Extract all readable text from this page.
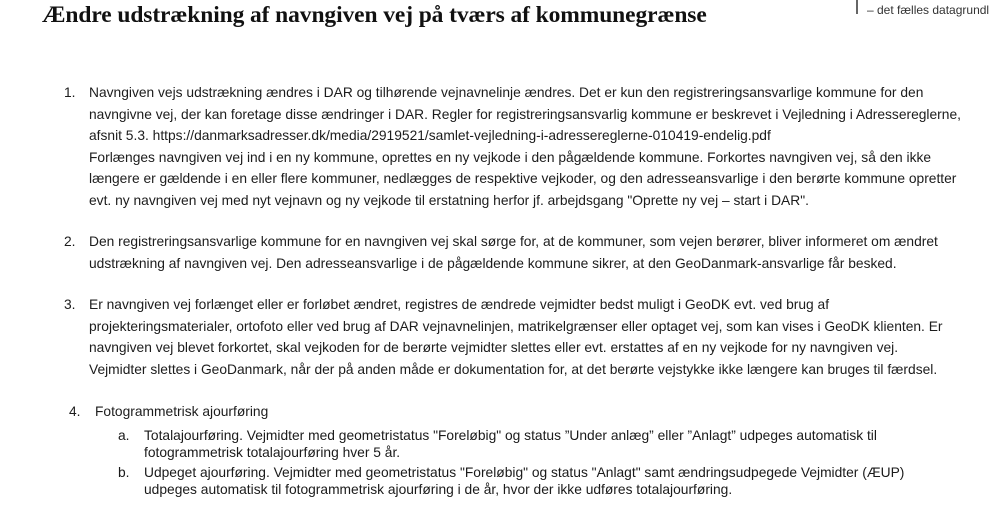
Ændre udstrækning af navngiven vej på tværs af kommunegrænse	– det fælles datagrundl
1. Navngiven vejs udstrækning ændres i DAR og tilhørende vejnavnelinje ændres. Det er kun den registreringsansvarlige kommune for den
navngivne vej, der kan foretage disse ændringer i DAR. Regler for registreringsansvarlig kommune er beskrevet i Vejledning i Adressereglerne,
afsnit 5.3. https://danmarksadresser.dk/media/2919521/samlet-vejledning-i-adressereglerne-010419-endelig.pdf
Forlænges navngiven vej ind i en ny kommune, oprettes en ny vejkode i den pågældende kommune. Forkortes navngiven vej, så den ikke
længere er gældende i en eller flere kommuner, nedlægges de respektive vejkoder, og den adresseansvarlige i den berørte kommune opretter
evt. ny navngiven vej med nyt vejnavn og ny vejkode til erstatning herfor jf. arbejdsgang "Oprette ny vej – start i DAR".
2. Den registreringsansvarlige kommune for en navngiven vej skal sørge for, at de kommuner, som vejen berører, bliver informeret om ændret
udstrækning af navngiven vej. Den adresseansvarlige i de pågældende kommune sikrer, at den GeoDanmark-ansvarlige får besked.
3. Er navngiven vej forlænget eller er forløbet ændret, registres de ændrede vejmidter bedst muligt i GeoDK evt. ved brug af
projekteringsmaterialer, ortofoto eller ved brug af DAR vejnavnelinjen, matrikelgrænser eller optaget vej, som kan vises i GeoDK klienten. Er
navngiven vej blevet forkortet, skal vejkoden for de berørte vejmidter slettes eller evt. erstattes af en ny vejkode for ny navngiven vej.
Vejmidter slettes i GeoDanmark, når der på anden måde er dokumentation for, at det berørte vejstykke ikke længere kan bruges til færdsel.
4. Fotogrammetrisk ajourføring
a. Totalajourføring. Vejmidter med geometristatus "Foreløbig" og status ”Under anlæg” eller ”Anlagt” udpeges automatisk til
fotogrammetrisk totalajourføring hver 5 år.
b. Udpeget ajourføring. Vejmidter med geometristatus "Foreløbig" og status "Anlagt" samt ændringsudpegede Vejmidter (ÆUP)
udpeges automatisk til fotogrammetrisk ajourføring i de år, hvor der ikke udføres totalajourføring.
